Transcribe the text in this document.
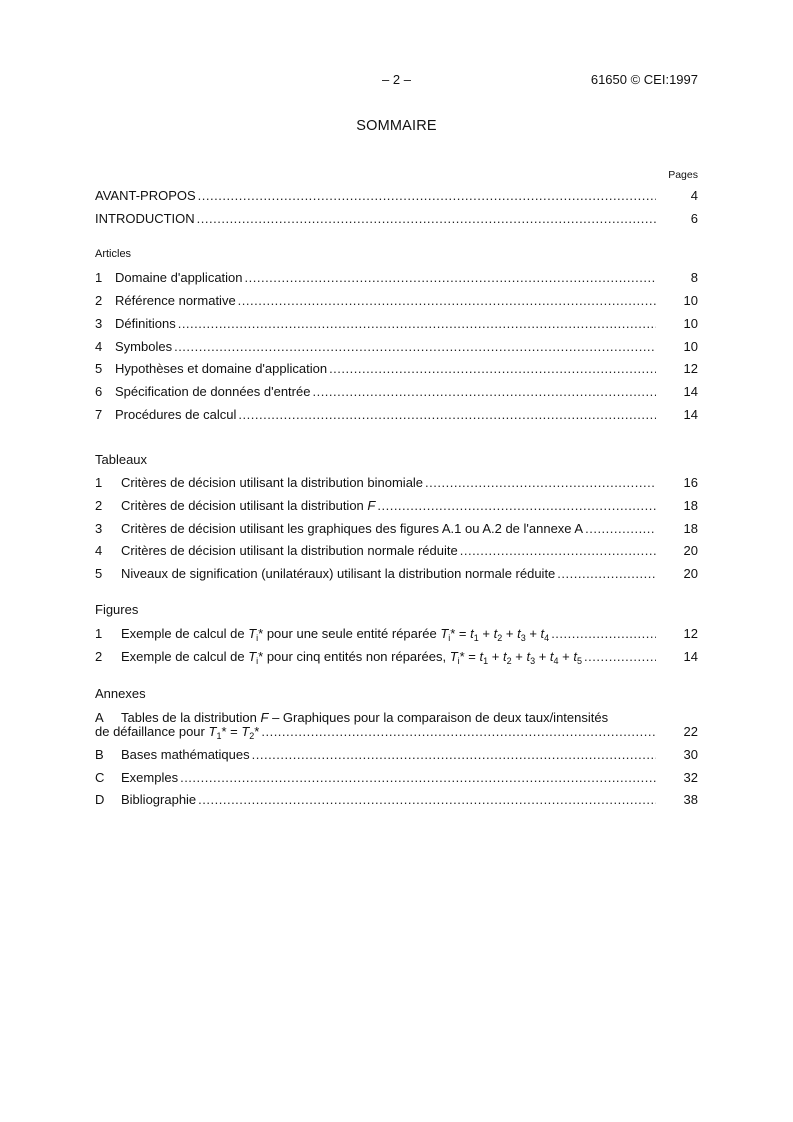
– 2 –	61650 © CEI:1997
SOMMAIRE
Pages
AVANT-PROPOS .....	4
INTRODUCTION .....	6
Articles
1 Domaine d'application .....	8
2 Référence normative .....	10
3 Définitions .....	10
4 Symboles .....	10
5 Hypothèses et domaine d'application .....	12
6 Spécification de données d'entrée .....	14
7 Procédures de calcul .....	14
Tableaux
1	Critères de décision utilisant la distribution binomiale .....	16
2	Critères de décision utilisant la distribution F .....	18
3	Critères de décision utilisant les graphiques des figures A.1 ou A.2 de l'annexe A .....	18
4	Critères de décision utilisant la distribution normale réduite .....	20
5	Niveaux de signification (unilatéraux) utilisant la distribution normale réduite .....	20
Figures
1	Exemple de calcul de $T_i*$ pour une seule entité réparée $T_i* = t_1 + t_2 + t_3 + t_4$ .....	12
2	Exemple de calcul de $T_i*$ pour cinq entités non réparées, $T_i* = t_1 + t_2 + t_3 + t_4 + t_5$ .....	14
Annexes
A Tables de la distribution F – Graphiques pour la comparaison de deux taux/intensités
de défaillance pour $T_1* = T_2*$ .....	22
B	Bases mathématiques .....	30
C	Exemples .....	32
D	Bibliographie .....	38
